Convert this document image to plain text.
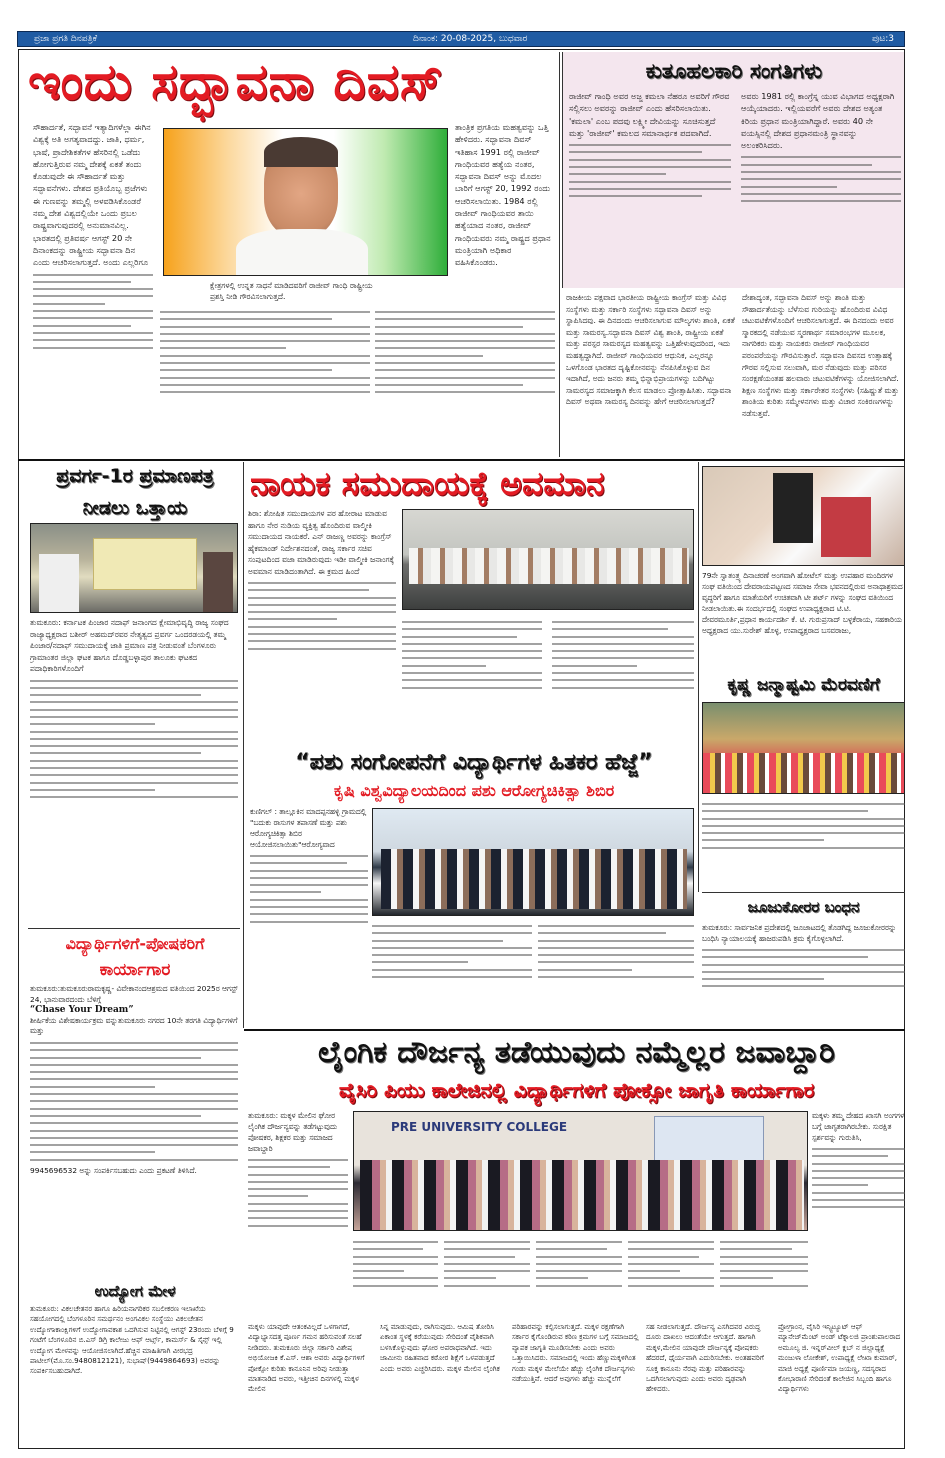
ಪ್ರಜಾ ಪ್ರಗತಿ ದಿನಪತ್ರಿಕೆ	ದಿನಾಂಕ: 20-08-2025, ಬುಧವಾರ	ಪುಟ:3
ಇಂದು ಸದ್ಭಾವನಾ ದಿವಸ್	ಕುತೂಹಲಕಾರಿ ಸಂಗತಿಗಳು
ರಾಜೀವ್ ಗಾಂಧಿ ಅವರ ಅಜ್ಜ ಕಮಲಾ ನೆಹರೂ ಅವರಿಗೆ ಗೌರವ ಸಲ್ಲಿಸಲು ಅವರನ್ನು ರಾಜೀವ್ ಎಂದು ಹೆಸರಿಸಲಾಯಿತು. 'ಕಮಲಾ' ಎಂಬ ಪದವು ಲಕ್ಷ್ಮೀ ದೇವಿಯನ್ನು ಸೂಚಿಸುತ್ತದೆ ಮತ್ತು 'ರಾಜೀವ್' ಕಮಲದ ಸಮಾನಾರ್ಥಕ ಪದವಾಗಿದೆ.
ಅವರು 1981 ರಲ್ಲಿ ಕಾಂಗ್ರೆಸ್ನ ಯುವ ವಿಭಾಗದ ಅಧ್ಯಕ್ಷರಾಗಿ ಆಯ್ಕೆಯಾದರು. ಇಲ್ಲಿಯವರೆಗೆ ಅವರು ದೇಶದ ಅತ್ಯಂತ ಕಿರಿಯ ಪ್ರಧಾನ ಮಂತ್ರಿಯಾಗಿದ್ದಾರೆ. ಅವರು 40 ನೇ ವಯಸ್ಸಿನಲ್ಲಿ ದೇಶದ ಪ್ರಧಾನಮಂತ್ರಿ ಸ್ಥಾನವನ್ನು ಅಲಂಕರಿಸಿದರು.
ಸೌಹಾರ್ದತೆ, ಸದ್ಭಾವನೆ ಇತ್ಯಾದಿಗಳೆಲ್ಲಾ ಈಗಿನ ವಿಶ್ವಕ್ಕೆ ಅತಿ ಅಗತ್ಯವಾದದ್ದು. ಜಾತಿ, ಧರ್ಮ, ಭಾಷೆ, ಪ್ರಾದೇಶಿಕತೆಗಳ ಹೆಸರಿನಲ್ಲಿ ಒಡೆದು ಹೋಗುತ್ತಿರುವ ನಮ್ಮ ದೇಶಕ್ಕೆ ಏಕತೆ ತಂದು ಕೊಡುವುದೇ ಈ ಸೌಹಾರ್ದತೆ ಮತ್ತು ಸದ್ಭಾವನೆಗಳು. ದೇಶದ ಪ್ರತಿಯೊಬ್ಬ ಪ್ರಜೆಗಳು ಈ ಗುಣವನ್ನು ತಮ್ಮಲ್ಲಿ ಅಳವಡಿಸಿಕೊಂಡರೆ ನಮ್ಮ ದೇಶ ವಿಶ್ವದಲ್ಲಿಯೇ ಒಂದು ಪ್ರಬಲ ರಾಷ್ಟ್ರವಾಗುವುದರಲ್ಲಿ ಅನುಮಾನವಿಲ್ಲ. ಭಾರತದಲ್ಲಿ ಪ್ರತಿವರ್ಷ ಆಗಸ್ಟ್ 20 ನೇ ದಿನಾಂಕದನ್ನು ರಾಷ್ಟ್ರೀಯ ಸದ್ಭಾವನಾ ದಿನ ಎಂದು ಆಚರಿಸಲಾಗುತ್ತದೆ. ಅಂದು ಎಲ್ಲರಿಗೂ
ಕ್ಷೇತ್ರಗಳಲ್ಲಿ ಉನ್ನತ ಸಾಧನೆ ಮಾಡಿದವರಿಗೆ ರಾಜೀವ್ ಗಾಂಧಿ ರಾಷ್ಟ್ರೀಯ ಪ್ರಶಸ್ತಿ ನೀಡಿ ಗೌರವಿಸಲಾಗುತ್ತದೆ.
ತಾಂತ್ರಿಕ ಪ್ರಗತಿಯ ಮಹತ್ವವನ್ನು ಒತ್ತಿ ಹೇಳಿದರು. ಸದ್ಭಾವನಾ ದಿವಸ್ ಇತಿಹಾಸ 1991 ರಲ್ಲಿ ರಾಜೀವ್ ಗಾಂಧಿಯವರ ಹತ್ಯೆಯ ನಂತರ, ಸದ್ಭಾವನಾ ದಿವಸ್ ಅನ್ನು ಮೊದಲ ಬಾರಿಗೆ ಆಗಸ್ಟ್ 20, 1992 ರಂದು ಆಚರಿಸಲಾಯಿತು. 1984 ರಲ್ಲಿ ರಾಜೀವ್ ಗಾಂಧಿಯವರ ತಾಯಿ ಹತ್ಯೆಯಾದ ನಂತರ, ರಾಜೀವ್ ಗಾಂಧಿಯವರು ನಮ್ಮ ರಾಷ್ಟ್ರದ ಪ್ರಧಾನ ಮಂತ್ರಿಯಾಗಿ ಅಧಿಕಾರ ವಹಿಸಿಕೊಂಡರು.
ರಾಜಕೀಯ ಪಕ್ಷವಾದ ಭಾರತೀಯ ರಾಷ್ಟ್ರೀಯ ಕಾಂಗ್ರೆಸ್ ಮತ್ತು ವಿವಿಧ ಸಂಸ್ಥೆಗಳು ಮತ್ತು ಸರ್ಕಾರಿ ಸಂಸ್ಥೆಗಳು ಸದ್ಭಾವನಾ ದಿವಸ್ ಅನ್ನು ಸ್ಥಾಪಿಸಿದವು. ಈ ದಿನದಂದು ಆಚರಿಸಲಾಗುವ ಮೌಲ್ಯಗಳು ಶಾಂತಿ, ಏಕತೆ ಮತ್ತು ಸಾಮರಸ್ಯ.ಸದ್ಭಾವನಾ ದಿವಸ್ ವಿಶ್ವ ಶಾಂತಿ, ರಾಷ್ಟ್ರೀಯ ಏಕತೆ ಮತ್ತು ಪರಸ್ಪರ ಸಾಮರಸ್ಯದ ಮಹತ್ವವನ್ನು ಒತ್ತಿಹೇಳುವುದರಿಂದ, ಇದು ಮಹತ್ವದ್ದಾಗಿದೆ. ರಾಜೀವ್ ಗಾಂಧಿಯವರ ಆಧುನಿಕ, ಎಲ್ಲರನ್ನೂ ಒಳಗೊಂಡ ಭಾರತದ ದೃಷ್ಟಿಕೋನವನ್ನು ನೆನಪಿಸಿಕೊಳ್ಳುವ ದಿನ ಇದಾಗಿದೆ, ಅದು ಜನರು ತಮ್ಮ ಭಿನ್ನಾಭಿಪ್ರಾಯಗಳನ್ನು ಬದಿಗಿಟ್ಟು ಸಾಮರಸ್ಯದ ಸಮಾಜಕ್ಕಾಗಿ ಕೆಲಸ ಮಾಡಲು ಪ್ರೋತ್ಸಾಹಿಸಿತು. ಸದ್ಭಾವನಾ ದಿವಸ್ ಅಥವಾ ಸಾಮರಸ್ಯ ದಿನವನ್ನು ಹೇಗೆ ಆಚರಿಸಲಾಗುತ್ತದೆ?
ದೇಶಾದ್ಯಂತ, ಸದ್ಭಾವನಾ ದಿವಸ್ ಅನ್ನು ಶಾಂತಿ ಮತ್ತು ಸೌಹಾರ್ದತೆಯನ್ನು ಬೆಳೆಸುವ ಗುರಿಯನ್ನು ಹೊಂದಿರುವ ವಿವಿಧ ಚಟುವಟಿಕೆಗಳೊಂದಿಗೆ ಆಚರಿಸಲಾಗುತ್ತದೆ. ಈ ದಿನದಂದು ಅವರ ಸ್ಮಾರಕದಲ್ಲಿ ನಡೆಯುವ ಸ್ಮರಣಾರ್ಥ ಸಮಾರಂಭಗಳ ಮೂಲಕ, ನಾಗರಿಕರು ಮತ್ತು ನಾಯಕರು ರಾಜೀವ್ ಗಾಂಧಿಯವರ ಪರಂಪರೆಯನ್ನು ಗೌರವಿಸುತ್ತಾರೆ. ಸದ್ಭಾವನಾ ದಿವಸದ ಉತ್ಸಾಹಕ್ಕೆ ಗೌರವ ಸಲ್ಲಿಸುವ ಸಲುವಾಗಿ, ಮರ ನೆಡುವುದು ಮತ್ತು ಪರಿಸರ ಸಂರಕ್ಷಣೆಯಂತಹ ಹಲವಾರು ಚಟುವಟಿಕೆಗಳನ್ನು ಯೋಜಿಸಲಾಗಿದೆ. ಶಿಕ್ಷಣ ಸಂಸ್ಥೆಗಳು ಮತ್ತು ಸರ್ಕಾರೇತರ ಸಂಸ್ಥೆಗಳು (ಸಹಿಷ್ಣುತೆ ಮತ್ತು ಶಾಂತಿಯ ಕುರಿತು ಸಮ್ಮೇಳನಗಳು ಮತ್ತು ವಿಚಾರ ಸಂಕಿರಣಗಳನ್ನು ನಡೆಸುತ್ತವೆ.
ಪ್ರವರ್ಗ-1ರ ಪ್ರಮಾಣಪತ್ರ
ನೀಡಲು ಒತ್ತಾಯ
ತುಮಕೂರು: ಕರ್ನಾಟಕ ಪಿಂಜಾರ ನದಾಫ್ ಜನಾಂಗದ ಕ್ಷೇಮಾಭಿವೃದ್ಧಿ ರಾಜ್ಯ ಸಂಘದ ರಾಜ್ಯಾಧ್ಯಕ್ಷರಾದ ಬಶೀರ್ ಅಹಮದ್‌ರವರ ನೇತೃತ್ವದ ಪ್ರವರ್ಗ ಒಂದರಡಯಲ್ಲಿ ತಮ್ಮ ಪಿಂಜಾರ/ನದಾಫ್ ಸಮುದಾಯಕ್ಕೆ ಜಾತಿ ಪ್ರಮಾಣ ಪತ್ರ ನೀಡುವಂತೆ ಬೆಂಗಳೂರು ಗ್ರಾಮಾಂತರ ಜಿಲ್ಲಾ ಘಟಕ ಹಾಗೂ ದೊಡ್ಡಬಳ್ಳಾಪುರ ತಾಲೂಕು ಘಟಕದ ಪದಾಧಿಕಾರಿಗಳೊಂದಿಗೆ
ನಾಯಕ ಸಮುದಾಯಕ್ಕೆ ಅವಮಾನ
ಶಿರಾ: ಶೋಷಿತ ಸಮುದಾಯಗಳ ಪರ ಹೋರಾಟ ಮಾಡುವ ಹಾಗೂ ನೇರ ನುಡಿಯ ವ್ಯಕ್ತಿತ್ವ ಹೊಂದಿರುವ ವಾಲ್ಮೀಕಿ ಸಮುದಾಯದ ನಾಯಕರೆ. ಎನ್ ರಾಜಣ್ಣ ಅವರನ್ನು ಕಾಂಗ್ರೆಸ್ ಹೈಕಮಾಂಡ್ ನಿರ್ದೇಶನದಂತೆ, ರಾಜ್ಯ ಸರ್ಕಾರ ಸಚಿವ ಸಂಪುಟದಿಂದ ವಜಾ ಮಾಡಿರುವುದು ಇಡೀ ವಾಲ್ಮೀಕಿ ಜನಾಂಗಕ್ಕೆ ಅವಮಾನ ಮಾಡಿದಂತಾಗಿದೆ. ಈ ಕ್ರಮದ ಹಿಂದೆ	79ನೇ ಸ್ವಾತಂತ್ರ್ಯ ದಿನಾಚರಣೆ ಅಂಗವಾಗಿ ಹೋಟೆಲ್ ಮತ್ತು ಉಪಹಾರ ಮಂದಿರಗಳ ಸಂಘ ವತಿಯಿಂದ ದೇವರಾಯಪಟ್ಟಣದ ಸಮಾಜ ಸೇವಾ ಭವನದಲ್ಲಿರುವ ಅನಾಥಾಶ್ರಮದ ವೃದ್ಧರಿಗೆ ಹಾಗೂ ಮಾತೆಯರಿಗೆ ಉಚಿತವಾಗಿ ಟೀ ಶರ್ಟ್ ಗಳನ್ನು ಸಂಘದ ವತಿಯಿಂದ ನೀಡಲಾಯಿತು.ಈ ಸಂದರ್ಭದಲ್ಲಿ ಸಂಘದ ಉಪಾಧ್ಯಕ್ಷರಾದ ಟಿ.ಟಿ. ದೇವರಮೂರ್ತಿ,ಪ್ರಧಾನ ಕಾರ್ಯದರ್ಶಿ ಕೆ. ಟಿ. ಗುರುಪ್ರಸಾದ್ ಬಳ್ಳಕೆರಾಯ, ಸಹಕಾರಿಯ ಅಧ್ಯಕ್ಷರಾದ ಯು.ಸುರೇಶ್ ಹೊಳ್ಳ, ಉಪಾಧ್ಯಕ್ಷರಾದ ಬಸವರಾಜು,
ಕೃಷ್ಣ ಜನ್ಮಾಷ್ಟಮಿ ಮೆರವಣಿಗೆ
ಜೂಜುಕೋರರ ಬಂಧನ
ತುಮಕೂರು: ಸಾರ್ವಜನಿಕ ಪ್ರದೇಶದಲ್ಲಿ ಜೂಜಾಟದಲ್ಲಿ ತೊಡಗಿದ್ದ ಜೂಜುಕೋರರನ್ನು ಬಂಧಿಸಿ ನ್ಯಾಯಾಲಯಕ್ಕೆ ಹಾಜರುಪಡಿಸಿ ಕ್ರಮ ಕೈಗೊಳ್ಳಲಾಗಿದೆ.
“ಪಶು ಸಂಗೋಪನೆಗೆ ವಿದ್ಯಾರ್ಥಿಗಳ ಹಿತಕರ ಹೆಜ್ಜೆ”
ಕೃಷಿ ವಿಶ್ವವಿದ್ಯಾಲಯದಿಂದ ಪಶು ಆರೋಗ್ಯಚಿಕಿತ್ಸಾ ಶಿಬಿರ
ಕುಣಿಗಲ್ : ತಾಲ್ಲೂಕಿನ ಮಾದಪ್ಪನಹಳ್ಳಿ ಗ್ರಾಮದಲ್ಲಿ "ಬದುಕು ರಾಸುಗಳ ತಪಾಸಣೆ ಮತ್ತು ಪಶು ಆರೋಗ್ಯಚಿಕಿತ್ಸಾ ಶಿಬಿರ ಆಯೋಜಿಸಲಾಯಿತು"ಆರೋಗ್ಯವಾದ
ವಿದ್ಯಾರ್ಥಿಗಳಿಗೆ-ಪೋಷಕರಿಗೆ
ಕಾರ್ಯಾಗಾರ
ತುಮಕೂರು:ತುಮಕೂರುರಾಮಕೃಷ್ಣ- ವಿವೇಕಾನಂದಆಶ್ರಮದ ವತಿಯಿಂದ 2025ರ ಆಗಸ್ಟ್ 24, ಭಾನುವಾರದಂದು ಬೆಳಿಗ್ಗೆ
“Chase Your Dream”
ಶೀರ್ಷಿಕೆಯ ವಿಶೇಷಕಾರ್ಯಕ್ರಮ ವನ್ನುತುಮಕೂರು ನಗರದ 10ನೇ ತರಗತಿ ವಿದ್ಯಾರ್ಥಿಗಳಿಗೆ ಮತ್ತು
9945696532 ಅನ್ನು ಸಂಪರ್ಕಿಸಬಹುದು ಎಂದು ಪ್ರಕಟಣೆ ತಿಳಿಸಿದೆ.
ಉದ್ಯೋಗ ಮೇಳ
ತುಮಕೂರು: ವಿಕಲಚೇತನರ ಹಾಗೂ ಹಿರಿಯನಾಗರಿಕರ ಸಬಲೀಕರಣ ಇಲಾಖೆಯ ಸಹಯೋಗದಲ್ಲಿ ಬೆಂಗಳೂರಿನ ಸಮರ್ಥನಂ ಅಂಗವಿಕಲ ಸಂಸ್ಥೆಯು ವಿಕಲಚೇತನ ಉದ್ಯೋಗಾಕಾಂಕ್ಷಿಗಳಿಗೆ ಉದ್ಯೋಗಾವಕಾಶ ಒದಗಿಸುವ ನಿಟ್ಟಿನಲ್ಲಿ ಆಗಸ್ಟ್ 23ರಂದು ಬೆಳಿಗ್ಗೆ 9 ಗಂಟೆಗೆ ಬೆಂಗಳೂರಿನ ಬಿ.ಎಸ್ ಡಿಗ್ರಿ ಕಾಲೇಜು ಆಫ್ ಆರ್ಟ್ಸ್, ಕಾಮರ್ಸ್ & ಸೈನ್ಸ್ ಇಲ್ಲಿ ಉದ್ಯೋಗ ಮೇಳವನ್ನು ಆಯೋಜಿಸಲಾಗಿದೆ.ಹೆಚ್ಚಿನ ಮಾಹಿತಿಗಾಗಿ ವೀರಭದ್ರ ಪಾಟೀಲ್(ಮೊ.ಸಂ.9480812121), ಸುಭಾಷ್(9449864693) ಅವರನ್ನು ಸಂಪರ್ಕಿಸಬಹುದಾಗಿದೆ.
ಲೈಂಗಿಕ ದೌರ್ಜನ್ಯ ತಡೆಯುವುದು ನಮ್ಮೆಲ್ಲರ ಜವಾಬ್ದಾರಿ
ವೈಸಿರಿ ಪಿಯು ಕಾಲೇಜಿನಲ್ಲಿ ವಿದ್ಯಾರ್ಥಿಗಳಿಗೆ ಪೋಕ್ಸೋ ಜಾಗೃತಿ ಕಾರ್ಯಾಗಾರ
ತುಮಕೂರು: ಮಕ್ಕಳ ಮೇಲಿನ ಘೋರ ಲೈಂಗಿಕ ದೌರ್ಜನ್ಯವನ್ನು ತಡೆಗಟ್ಟುವುದು ಪೋಷಕರ, ಶಿಕ್ಷಕರ ಮತ್ತು ಸಮಾಜದ ಜವಾಬ್ದಾರಿ
PRE UNIVERSITY COLLEGE
ಮಕ್ಕಳು ತಮ್ಮ ದೇಹದ ಖಾಸಗಿ ಅಂಗಗಳ ಬಗ್ಗೆ ಜಾಗೃತರಾಗಿರಬೇಕು. ಸುರಕ್ಷಿತ ಸ್ಪರ್ಶವನ್ನು ಗುರುತಿಸಿ,
ಮಕ್ಕಳು ಯಾವುದೇ ಆತಂಕವಿಲ್ಲದೆ ಒಳಗಾಗದೆ, ವಿದ್ಯಾಭ್ಯಾಸದತ್ತ ಪೂರ್ಣ ಗಮನ ಹರಿಸುವಂತೆ ಸಲಹೆ ನೀಡಿದರು. ತುಮಕೂರು ಜಿಲ್ಲಾ ಸರ್ಕಾರಿ ವಿಶೇಷ ಅಭಿಯೋಜಕಿ ಕೆ.ಎಸ್. ಆಶಾ ಅವರು ವಿದ್ಯಾರ್ಥಿಗಳಿಗೆ ಪೋಕ್ಸೋ ಕುರಿತು ಕಾನೂನಿನ ಅರಿವು ನೀಡುತ್ತಾ ಮಾತನಾಡಿದ ಅವರು, ಇತ್ತೀಚಿನ ದಿನಗಳಲ್ಲಿ ಮಕ್ಕಳ ಮೇಲಿನ
ಸಿನ್ನ ಮಾಡುವುದು, ರಾಗಿಸುವುದು. ಆಮಿಷ ತೋರಿಸಿ ಏಕಾಂತ ಸ್ಥಳಕ್ಕೆ ಕರೆಯುವುದು ಸೇರಿದಂತೆ ವೈಶಿಕವಾಗಿ ಬಳಸಿಕೊಳ್ಳುವುದು ಘೋರ ಅಪರಾಧವಾಗಿದೆ. ಇದು ಜಾಮೀನು ರಹಿತವಾದ ಕಠೋರ ಶಿಕ್ಷೆಗೆ ಒಳಪಡುತ್ತದೆ ಎಂದು ಅವರು ಎಚ್ಚರಿಸಿದರು. ಮಕ್ಕಳ ಮೇಲಿನ ಲೈಂಗಿಕ
ಪರಿಹಾರವನ್ನು ಕಲ್ಪಿಸಲಾಗುತ್ತದೆ. ಮಕ್ಕಳ ರಕ್ಷಣೆಗಾಗಿ ಸರ್ಕಾರ ಕೈಗೊಂಡಿರುವ ಕಠಿಣ ಕ್ರಮಗಳ ಬಗ್ಗೆ ಸಮಾಜದಲ್ಲಿ ವ್ಯಾಪಕ ಜಾಗೃತಿ ಮೂಡಿಸಬೇಕು ಎಂದು ಅವರು ಒತ್ತಾಯಿಸಿದರು. ಸಮಾಜದಲ್ಲಿ ಇಂದು ಹೆಣ್ಣುಮಕ್ಕಳಿಗಿಂತ ಗಂಡು ಮಕ್ಕಳ ಮೇಲೆಯೇ ಹೆಚ್ಚು ಲೈಂಗಿಕ ದೌರ್ಜನ್ಯಗಳು ನಡೆಯುತ್ತಿವೆ. ಆದರೆ ಅವುಗಳು ಹೆಚ್ಚು ಮುನ್ನೆಲೆಗೆ
ಸಹ ನೀಡಲಾಗುತ್ತದೆ. ದೌರ್ಜನ್ಯ ಎಸಗಿದವರ ವಿರುದ್ಧ ದೂರು ದಾಖಲು ಆದಂತೆಯೇ ಆಗುತ್ತದೆ. ಹಾಗಾಗಿ ಮಕ್ಕಳ,ಮೇಲಿನ ಯಾವುದೇ ದೌರ್ಜನ್ಯಕ್ಕೆ ಪೋಷಕರು ಹೆದರದೆ, ಧೈರ್ಯವಾಗಿ ಎದುರಿಸಬೇಕು. ಅಂತಹವರಿಗೆ ಸೂಕ್ತ ಕಾನೂನು ನೆರವು ಮತ್ತು ಪರಿಹಾರವನ್ನು ಒದಗಿಸಲಾಗುವುದು ಎಂದು ಅವರು ದೃಢವಾಗಿ ಹೇಳಿದರು.
ಪ್ರೋಗ್ರಾಂನ, ವೈಸಿರಿ ಇನ್ಸ್ಟಿಟ್ಯೂಟ್ ಆಫ್ ಮ್ಯಾನೇಜ್‌ಮೆಂಟ್ ಅಂಡ್ ಟೆಕ್ನಾಲಜಿ ಪ್ರಾಂಶುಪಾಲರಾದ ಅಮೂಲ್ಯ ಜಿ. ಇನ್ನರ್‌ವೀಲ್ ಕ್ಲಬ್ ನ ಜಿಲ್ಲಾಧ್ಯಕ್ಷೆ ಮಂಜುಳಾ ಲೋಕೇಶ್, ಉಪಾಧ್ಯಕ್ಷೆ ಲೇಖಾ ಕುಮಾರ್, ಮಾಜಿ ಅಧ್ಯಕ್ಷೆ ಪೂರ್ಣಿಮಾ ಜಯಣ್ಣ, ಸದಸ್ಯರಾದ ಕೋಭಾರಾಣಿ ಸೇರಿದಂತೆ ಕಾಲೇಜಿನ ಸಿಬ್ಬಂದಿ ಹಾಗೂ ವಿದ್ಯಾರ್ಥಿಗಳು
